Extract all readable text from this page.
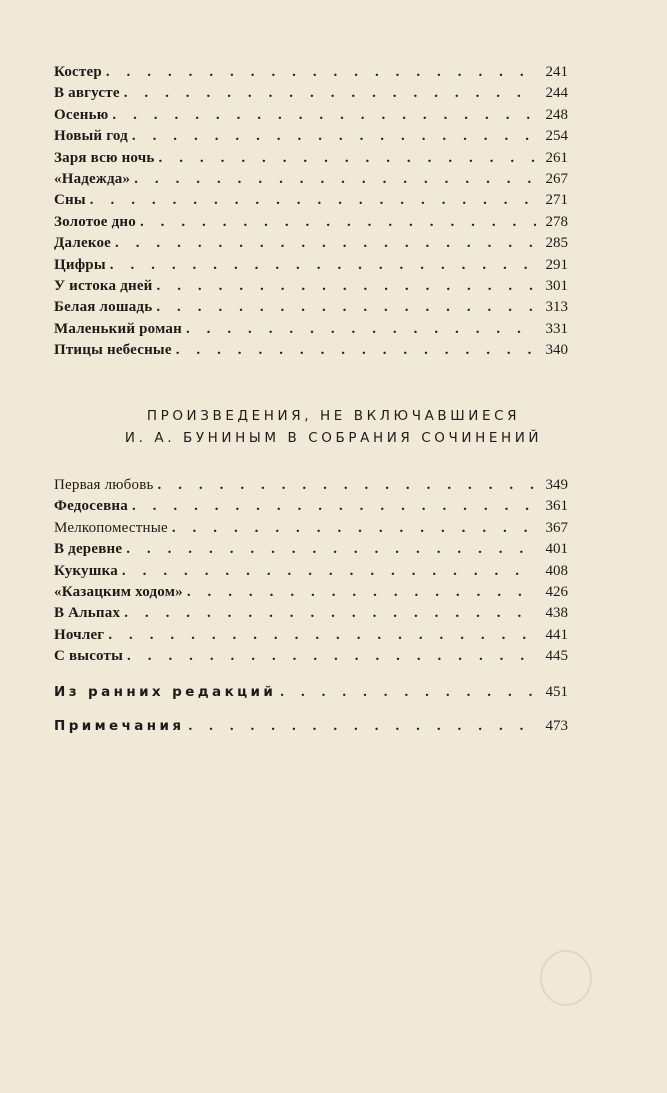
Костер . . .	241
В августе . . .	244
Осенью . . .	248
Новый год . . .	254
Заря всю ночь . . .	261
«Надежда» . . .	267
Сны . . .	271
Золотое дно . . .	278
Далекое . . .	285
Цифры . . .	291
У истока дней . . .	301
Белая лошадь . . .	313
Маленький роман . . .	331
Птицы небесные . . .	340
ПРОИЗВЕДЕНИЯ, НЕ ВКЛЮЧАВШИЕСЯ
И. А. БУНИНЫМ В СОБРАНИЯ СОЧИНЕНИЙ
Первая любовь . . .	349
Федосевна . . .	361
Мелкопоместные . . .	367
В деревне . . .	401
Кукушка . . .	408
«Казацким ходом» . . .	426
В Альпах . . .	438
Ночлег . . .	441
С высоты . . .	445
Из ранних редакций . . .	451
Примечания . . .	473
